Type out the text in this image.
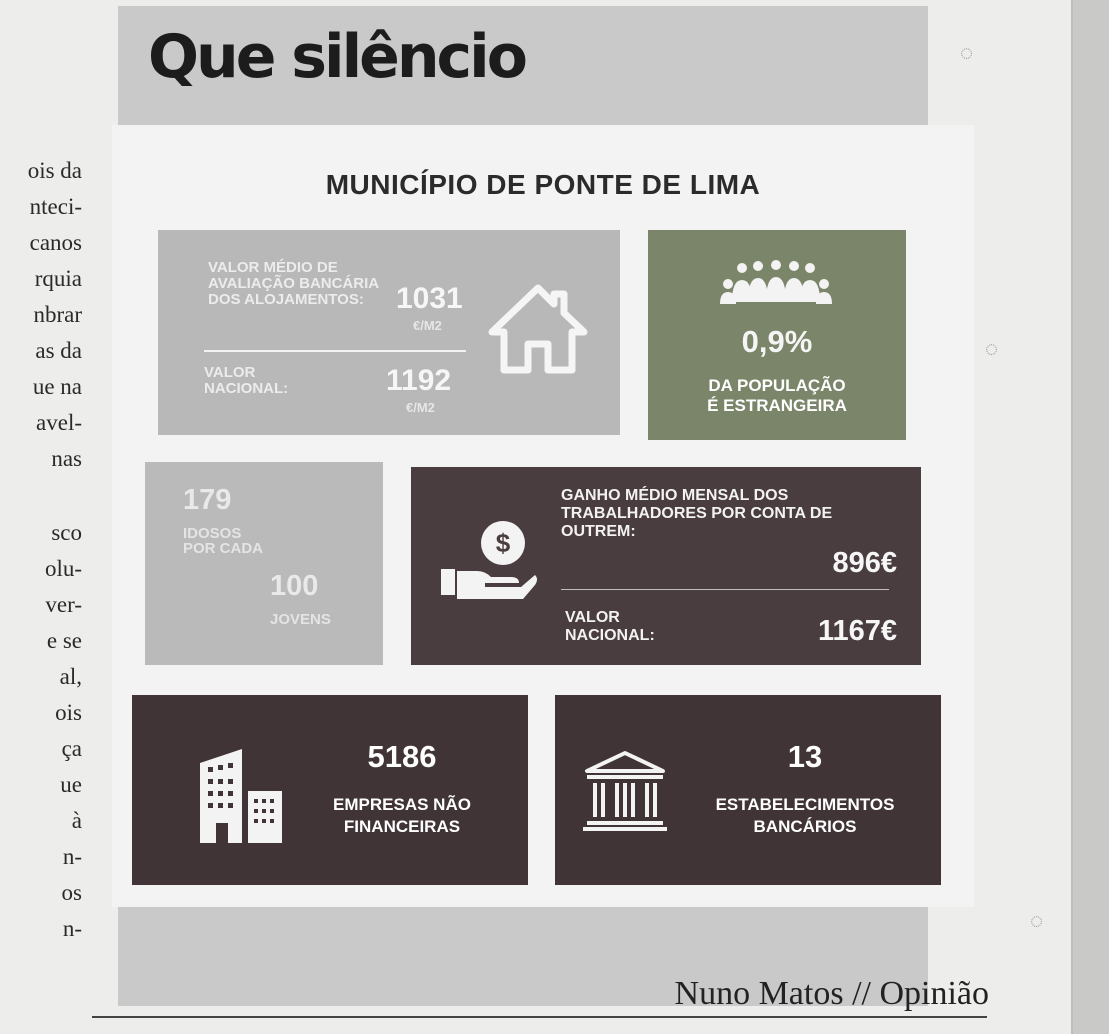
ois da
nteci-
canos
rquia
nbrar
as da
ue na
avel-
nas
sco
olu-
ver-
e se
al,
ois
ça
ue
à
n-
os
n-
Que silêncio
MUNICÍPIO DE PONTE DE LIMA
VALOR MÉDIO DE AVALIAÇÃO BANCÁRIA DOS ALOJAMENTOS:	1031
€/M2
VALOR NACIONAL:	1192
€/M2
0,9%
DA POPULAÇÃO
É ESTRANGEIRA
179
IDOSOS POR CADA
100
JOVENS
$
GANHO MÉDIO MENSAL DOS TRABALHADORES POR CONTA DE OUTREM:
896€
VALOR NACIONAL:	1167€
5186
EMPRESAS NÃO
FINANCEIRAS
13
ESTABELECIMENTOS
BANCÁRIOS
Nuno Matos // Opinião
◌
◌
◌
